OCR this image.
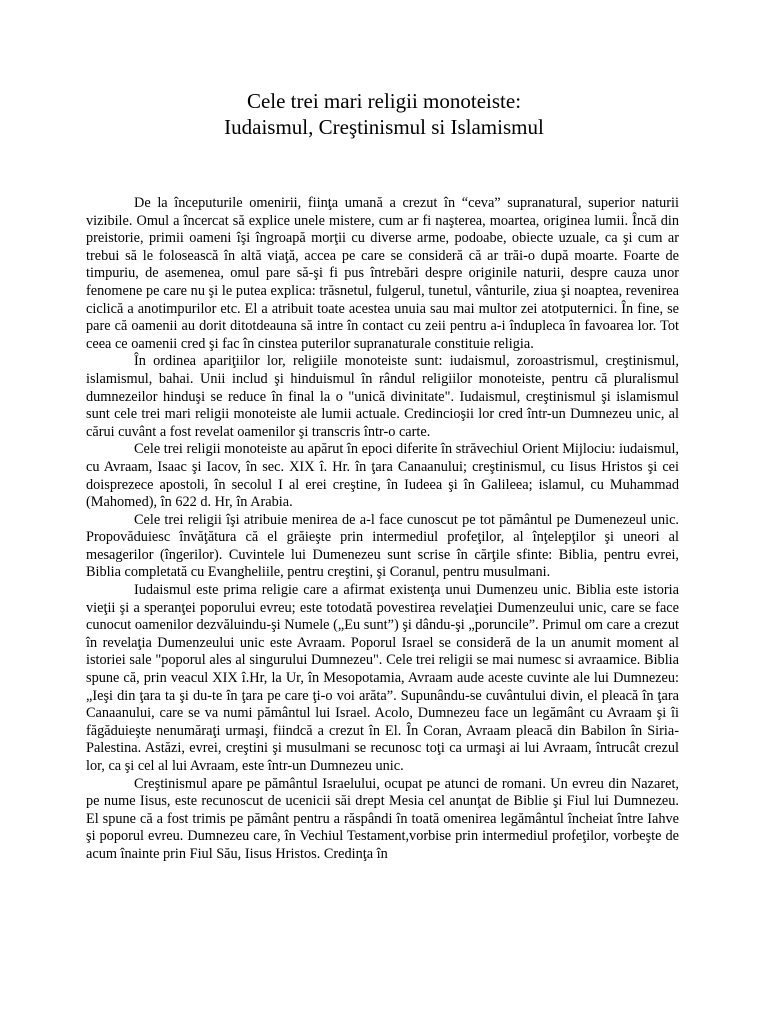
Cele trei mari religii monoteiste:
Iudaismul, Creştinismul si Islamismul

De la începuturile omenirii, fiinţa umană a crezut în “ceva” supranatural, superior naturii vizibile. Omul a încercat să explice unele mistere, cum ar fi naşterea, moartea, originea lumii. Încă din preistorie, primii oameni îşi îngroapă morţii cu diverse arme, podoabe, obiecte uzuale, ca şi cum ar trebui să le folosească în altă viaţă, accea pe care se consideră că ar trăi-o după moarte. Foarte de timpuriu, de asemenea, omul pare să-şi fi pus întrebări despre originile naturii, despre cauza unor fenomene pe care nu şi le putea explica: trăsnetul, fulgerul, tunetul, vânturile, ziua şi noaptea, revenirea ciclică a anotimpurilor etc. El a atribuit toate acestea unuia sau mai multor zei atotputernici. În fine, se pare că oamenii au dorit ditotdeauna să intre în contact cu zeii pentru a-i îndupleca în favoarea lor. Tot ceea ce oamenii cred şi fac în cinstea puterilor supranaturale constituie religia.

În ordinea apariţiilor lor, religiile monoteiste sunt: iudaismul, zoroastrismul, creştinismul, islamismul, bahai. Unii includ şi hinduismul în rândul religiilor monoteiste, pentru că pluralismul dumnezeilor hinduşi se reduce în final la o "unică divinitate". Iudaismul, creştinismul şi islamismul sunt cele trei mari religii monoteiste ale lumii actuale. Credincioşii lor cred într-un Dumnezeu unic, al cărui cuvânt a fost revelat oamenilor şi transcris într-o carte.

Cele trei religii monoteiste au apărut în epoci diferite în străvechiul Orient Mijlociu: iudaismul, cu Avraam, Isaac şi Iacov, în sec. XIX î. Hr. în ţara Canaanului; creştinismul, cu Iisus Hristos şi cei doisprezece apostoli, în secolul I al erei creştine, în Iudeea şi în Galileea; islamul, cu Muhammad (Mahomed), în 622 d. Hr, în Arabia.

Cele trei religii îşi atribuie menirea de a-l face cunoscut pe tot pământul pe Dumenezeul unic. Propovăduiesc învăţătura că el grăieşte prin intermediul profeţilor, al înţelepţilor şi uneori al mesagerilor (îngerilor). Cuvintele lui Dumenezeu sunt scrise în cărţile sfinte: Biblia, pentru evrei, Biblia completată cu Evangheliile, pentru creştini, şi Coranul, pentru musulmani.

Iudaismul este prima religie care a afirmat existenţa unui Dumenzeu unic. Biblia este istoria vieţii şi a speranţei poporului evreu; este totodată povestirea revelaţiei Dumenzeului unic, care se face cunocut oamenilor dezvăluindu-şi Numele („Eu sunt”) şi dându-şi „poruncile”. Primul om care a crezut în revelaţia Dumenzeului unic este Avraam. Poporul Israel se consideră de la un anumit moment al istoriei sale "poporul ales al singurului Dumnezeu". Cele trei religii se mai numesc si avraamice. Biblia spune că, prin veacul XIX î.Hr, la Ur, în Mesopotamia, Avraam aude aceste cuvinte ale lui Dumnezeu: „Ieşi din ţara ta şi du-te în ţara pe care ţi-o voi arăta”. Supunându-se cuvântului divin, el pleacă în ţara Canaanului, care se va numi pământul lui Israel. Acolo, Dumnezeu face un legământ cu Avraam şi îi făgăduieşte nenumăraţi urmaşi, fiindcă a crezut în El. În Coran, Avraam pleacă din Babilon în Siria-Palestina. Astăzi, evrei, creştini şi musulmani se recunosc toţi ca urmaşi ai lui Avraam, întrucât crezul lor, ca şi cel al lui Avraam, este într-un Dumnezeu unic.

Creştinismul apare pe pământul Israelului, ocupat pe atunci de romani. Un evreu din Nazaret, pe nume Iisus, este recunoscut de ucenicii săi drept Mesia cel anunţat de Biblie şi Fiul lui Dumnezeu. El spune că a fost trimis pe pământ pentru a răspândi în toată omenirea legământul încheiat între Iahve şi poporul evreu. Dumnezeu care, în Vechiul Testament,vorbise prin intermediul profeţilor, vorbeşte de acum înainte prin Fiul Său, Iisus Hristos. Credinţa în
